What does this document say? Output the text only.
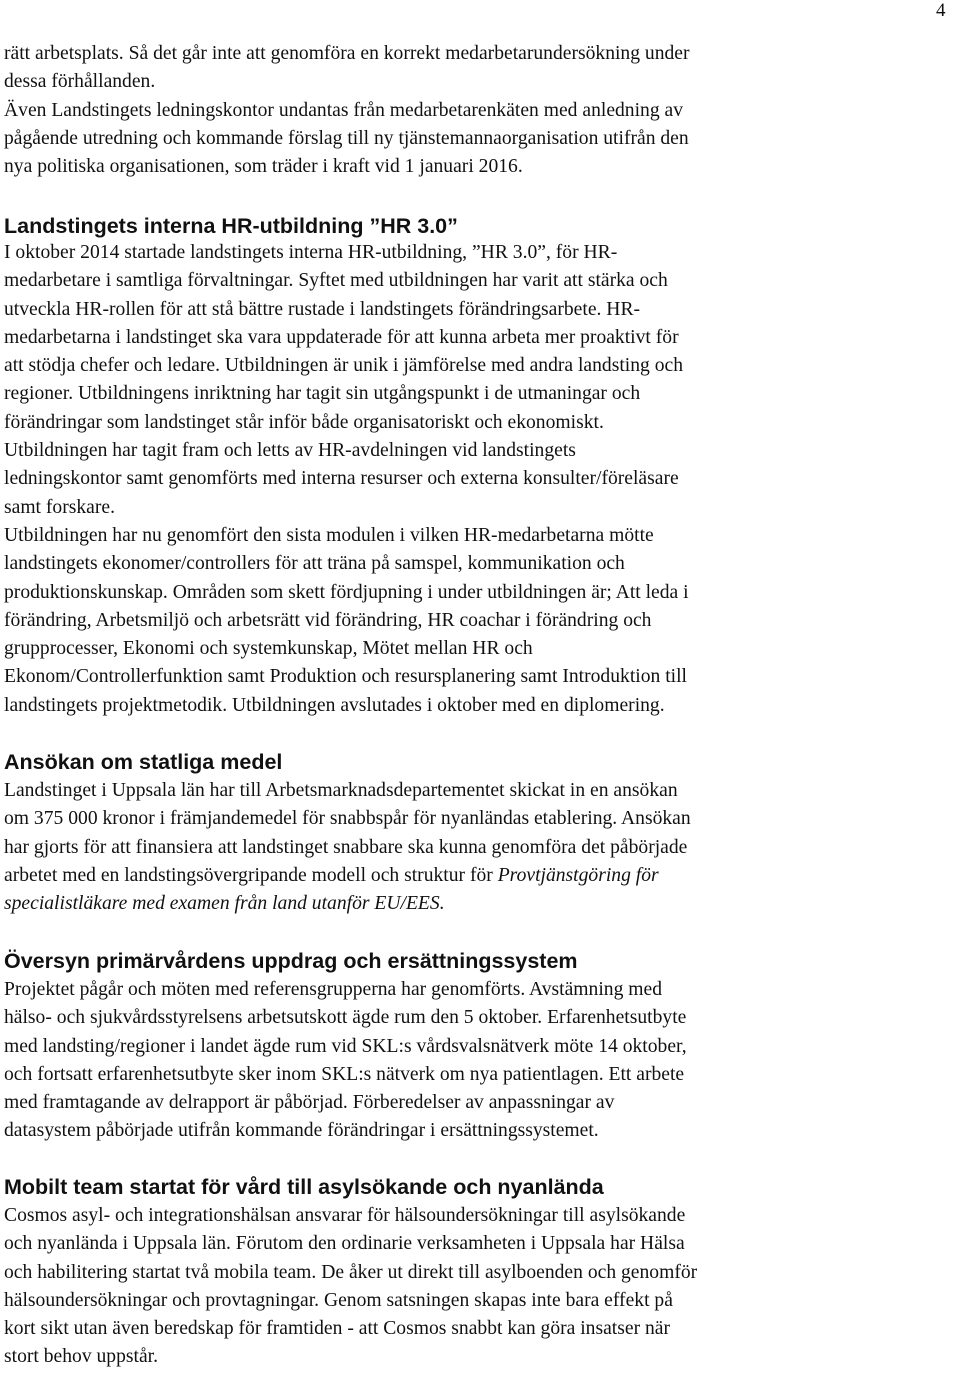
4
rätt arbetsplats. Så det går inte att genomföra en korrekt medarbetarundersökning under
dessa förhållanden.
Även Landstingets ledningskontor undantas från medarbetarenkäten med anledning av
pågående utredning och kommande förslag till ny tjänstemannaorganisation utifrån den
nya politiska organisationen, som träder i kraft vid 1 januari 2016.
Landstingets interna HR-utbildning ”HR 3.0”
I oktober 2014 startade landstingets interna HR-utbildning, ”HR 3.0”, för HR-
medarbetare i samtliga förvaltningar. Syftet med utbildningen har varit att stärka och
utveckla HR-rollen för att stå bättre rustade i landstingets förändringsarbete. HR-
medarbetarna i landstinget ska vara uppdaterade för att kunna arbeta mer proaktivt för
att stödja chefer och ledare. Utbildningen är unik i jämförelse med andra landsting och
regioner. Utbildningens inriktning har tagit sin utgångspunkt i de utmaningar och
förändringar som landstinget står inför både organisatoriskt och ekonomiskt.
Utbildningen har tagit fram och letts av HR-avdelningen vid landstingets
ledningskontor samt genomförts med interna resurser och externa konsulter/föreläsare
samt forskare.
Utbildningen har nu genomfört den sista modulen i vilken HR-medarbetarna mötte
landstingets ekonomer/controllers för att träna på samspel, kommunikation och
produktionskunskap. Områden som skett fördjupning i under utbildningen är; Att leda i
förändring, Arbetsmiljö och arbetsrätt vid förändring, HR coachar i förändring och
grupprocesser, Ekonomi och systemkunskap, Mötet mellan HR och
Ekonom/Controllerfunktion samt Produktion och resursplanering samt Introduktion till
landstingets projektmetodik. Utbildningen avslutades i oktober med en diplomering.
Ansökan om statliga medel
Landstinget i Uppsala län har till Arbetsmarknadsdepartementet skickat in en ansökan
om 375 000 kronor i främjandemedel för snabbspår för nyanländas etablering. Ansökan
har gjorts för att finansiera att landstinget snabbare ska kunna genomföra det påbörjade
arbetet med en landstingsövergripande modell och struktur för Provtjänstgöring för
specialistläkare med examen från land utanför EU/EES.
Översyn primärvårdens uppdrag och ersättningssystem
Projektet pågår och möten med referensgrupperna har genomförts. Avstämning med
hälso- och sjukvårdsstyrelsens arbetsutskott ägde rum den 5 oktober. Erfarenhetsutbyte
med landsting/regioner i landet ägde rum vid SKL:s vårdsvalsnätverk möte 14 oktober,
och fortsatt erfarenhetsutbyte sker inom SKL:s nätverk om nya patientlagen. Ett arbete
med framtagande av delrapport är påbörjad. Förberedelser av anpassningar av
datasystem påbörjade utifrån kommande förändringar i ersättningssystemet.
Mobilt team startat för vård till asylsökande och nyanlända
Cosmos asyl- och integrationshälsan ansvarar för hälsoundersökningar till asylsökande
och nyanlända i Uppsala län. Förutom den ordinarie verksamheten i Uppsala har Hälsa
och habilitering startat två mobila team. De åker ut direkt till asylboenden och genomför
hälsoundersökningar och provtagningar. Genom satsningen skapas inte bara effekt på
kort sikt utan även beredskap för framtiden - att Cosmos snabbt kan göra insatser när
stort behov uppstår.
